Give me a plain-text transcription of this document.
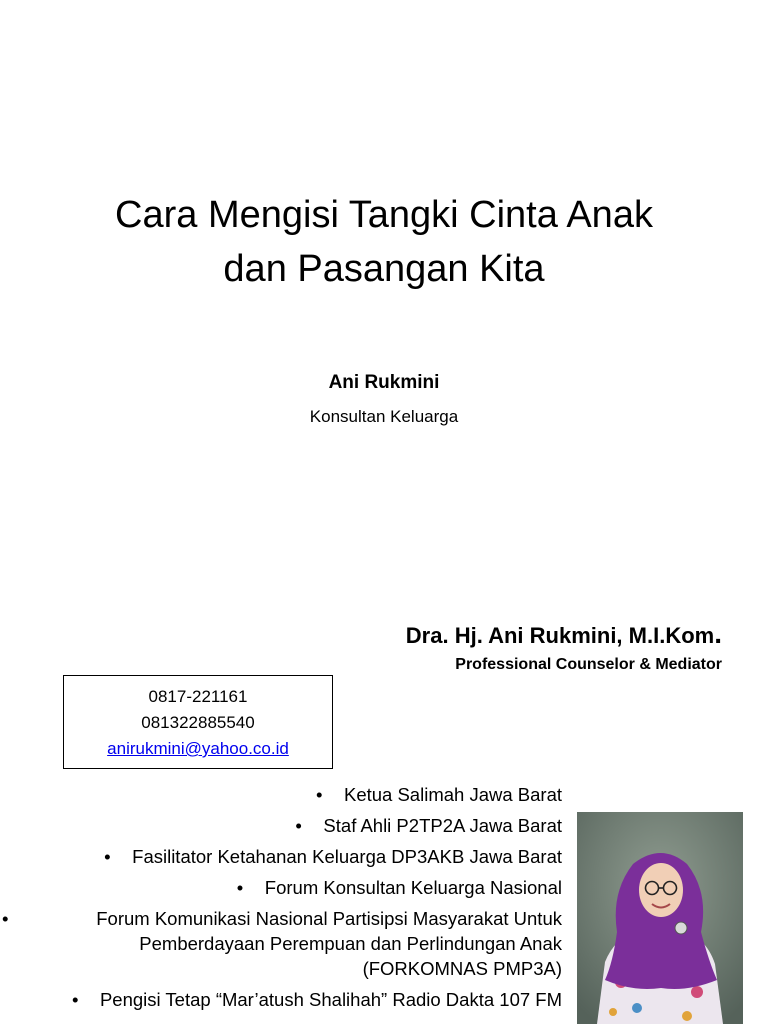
Cara Mengisi Tangki Cinta Anak
dan Pasangan Kita
Ani Rukmini
Konsultan Keluarga
Dra. Hj. Ani Rukmini, M.I.Kom.
Professional Counselor & Mediator
0817-221161
081322885540
anirukmini@yahoo.co.id
•	Ketua Salimah Jawa Barat
•	Staf Ahli P2TP2A Jawa Barat
•	Fasilitator Ketahanan Keluarga DP3AKB Jawa Barat
•	Forum Konsultan Keluarga Nasional
•	Forum Komunikasi Nasional Partisipsi Masyarakat Untuk Pemberdayaan Perempuan dan Perlindungan Anak (FORKOMNAS PMP3A)
•	Pengisi Tetap “Mar’atush Shalihah” Radio Dakta 107 FM
